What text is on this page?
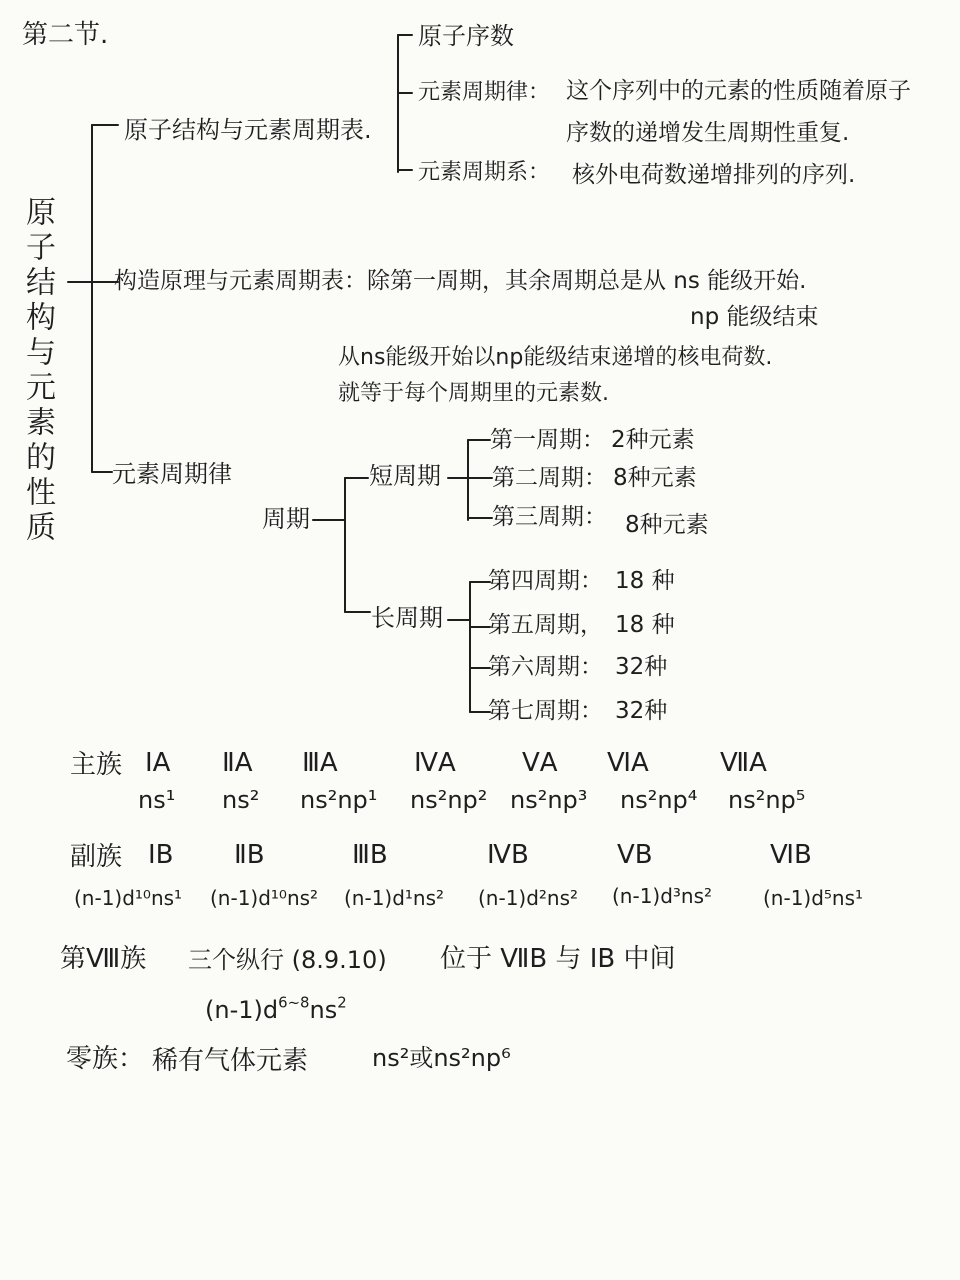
第二节.
原子结构与元素的性质
原子结构与元素周期表.
原子序数
元素周期律： 这个序列中的元素的性质随着原子
序数的递增发生周期性重复.
元素周期系： 核外电荷数递增排列的序列.
构造原理与元素周期表： 除第一周期，其余周期总是从 ns 能级开始.
np 能级结束
从ns能级开始以np能级结束递增的核电荷数.
就等于每个周期里的元素数.
元素周期律
周期
短周期
长周期
第一周期： 2种元素
第二周期： 8种元素
第三周期： 8种元素
第四周期： 18 种
第五周期， 18 种
第六周期： 32种
第七周期： 32种
主族 ⅠA ⅡA ⅢA	ⅣA	ⅤA ⅥA	ⅦA
ns¹ ns² ns²np¹ ns²np² ns²np³ ns²np⁴ ns²np⁵
副族 ⅠB ⅡB	ⅢB	ⅣB	ⅤB	ⅥB
(n-1)d¹⁰ns¹ (n-1)d¹⁰ns² (n-1)d¹ns² (n-1)d²ns² (n-1)d³ns²	(n-1)d⁵ns¹
第Ⅷ族 三个纵行 (8.9.10) 位于 ⅦB 与 ⅠB 中间
$(n-1)d^{6\sim 8}ns^2$
零族： 稀有气体元素	ns²或ns²np⁶
